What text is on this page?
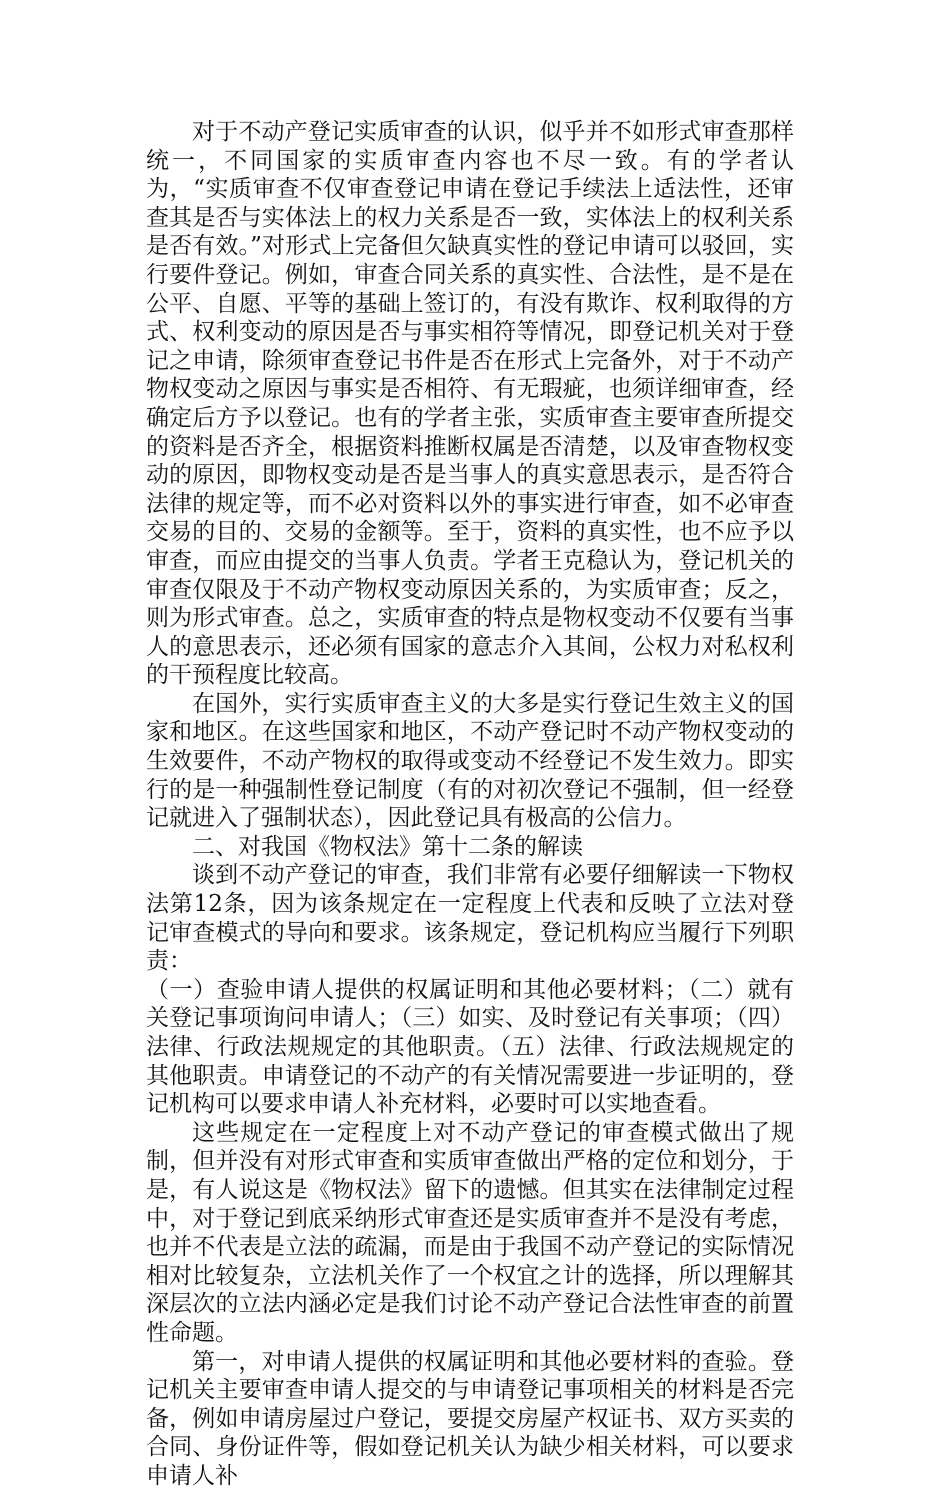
对于不动产登记实质审查的认识，似乎并不如形式审查那样统一，不同国家的实质审查内容也不尽一致。有的学者认为，“实质审查不仅审查登记申请在登记手续法上适法性，还审查其是否与实体法上的权力关系是否一致，实体法上的权利关系是否有效。”对形式上完备但欠缺真实性的登记申请可以驳回，实行要件登记。例如，审查合同关系的真实性、合法性，是不是在公平、自愿、平等的基础上签订的，有没有欺诈、权利取得的方式、权利变动的原因是否与事实相符等情况，即登记机关对于登记之申请，除须审查登记书件是否在形式上完备外，对于不动产物权变动之原因与事实是否相符、有无瑕疵，也须详细审查，经确定后方予以登记。也有的学者主张，实质审查主要审查所提交的资料是否齐全，根据资料推断权属是否清楚，以及审查物权变动的原因，即物权变动是否是当事人的真实意思表示，是否符合法律的规定等，而不必对资料以外的事实进行审查，如不必审查交易的目的、交易的金额等。至于，资料的真实性，也不应予以审查，而应由提交的当事人负责。学者王克稳认为，登记机关的审查仅限及于不动产物权变动原因关系的，为实质审查；反之，则为形式审查。总之，实质审查的特点是物权变动不仅要有当事人的意思表示，还必须有国家的意志介入其间，公权力对私权利的干预程度比较高。

在国外，实行实质审查主义的大多是实行登记生效主义的国家和地区。在这些国家和地区，不动产登记时不动产物权变动的生效要件，不动产物权的取得或变动不经登记不发生效力。即实行的是一种强制性登记制度（有的对初次登记不强制，但一经登记就进入了强制状态），因此登记具有极高的公信力。

二、对我国《物权法》第十二条的解读

谈到不动产登记的审查，我们非常有必要仔细解读一下物权法第12条，因为该条规定在一定程度上代表和反映了立法对登记审查模式的导向和要求。该条规定，登记机构应当履行下列职责：

（一）查验申请人提供的权属证明和其他必要材料；（二）就有关登记事项询问申请人；（三）如实、及时登记有关事项；（四）法律、行政法规规定的其他职责。（五）法律、行政法规规定的其他职责。申请登记的不动产的有关情况需要进一步证明的，登记机构可以要求申请人补充材料，必要时可以实地查看。

这些规定在一定程度上对不动产登记的审查模式做出了规制，但并没有对形式审查和实质审查做出严格的定位和划分，于是，有人说这是《物权法》留下的遗憾。但其实在法律制定过程中，对于登记到底采纳形式审查还是实质审查并不是没有考虑，也并不代表是立法的疏漏，而是由于我国不动产登记的实际情况相对比较复杂，立法机关作了一个权宜之计的选择，所以理解其深层次的立法内涵必定是我们讨论不动产登记合法性审查的前置性命题。

第一，对申请人提供的权属证明和其他必要材料的查验。登记机关主要审查申请人提交的与申请登记事项相关的材料是否完备，例如申请房屋过户登记，要提交房屋产权证书、双方买卖的合同、身份证件等，假如登记机关认为缺少相关材料，可以要求申请人补
